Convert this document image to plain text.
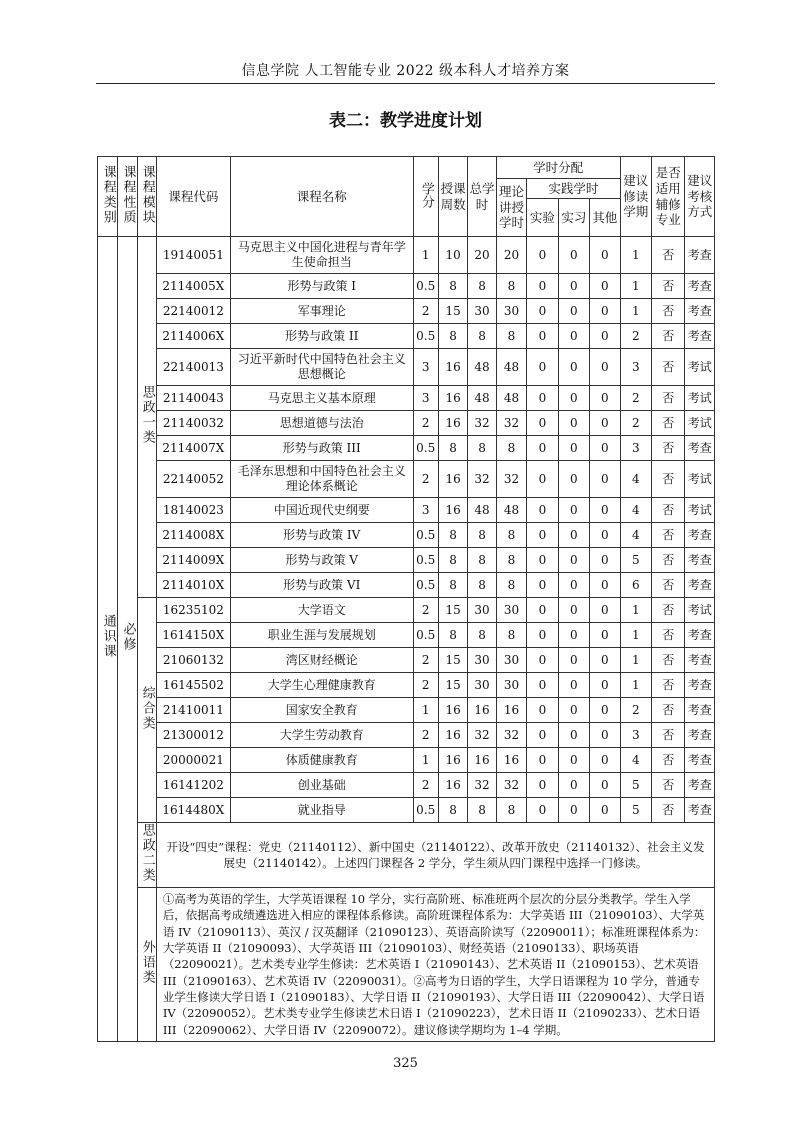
信息学院 人工智能专业 2022 级本科人才培养方案
表二：教学进度计划
课程类别	课程性质	课程模块	课程代码	课程名称	学分	授课周数	总学时	学时分配				建议修读学期	是否适用辅修专业	建议考核方式
								理论讲授学时	实践学时					
									实验	实习	其他			
通识课	必修	思政一类	19140051	马克思主义中国化进程与青年学生使命担当	1	10	20	20	0	0	0	1	否	考查
			2114005X	形势与政策 I	0.5	8	8	8	0	0	0	1	否	考查
			22140012	军事理论	2	15	30	30	0	0	0	1	否	考查
			2114006X	形势与政策 II	0.5	8	8	8	0	0	0	2	否	考查
			22140013	习近平新时代中国特色社会主义思想概论	3	16	48	48	0	0	0	3	否	考试
			21140043	马克思主义基本原理	3	16	48	48	0	0	0	2	否	考试
			21140032	思想道德与法治	2	16	32	32	0	0	0	2	否	考试
			2114007X	形势与政策 III	0.5	8	8	8	0	0	0	3	否	考查
			22140052	毛泽东思想和中国特色社会主义理论体系概论	2	16	32	32	0	0	0	4	否	考试
			18140023	中国近现代史纲要	3	16	48	48	0	0	0	4	否	考试
			2114008X	形势与政策 IV	0.5	8	8	8	0	0	0	4	否	考查
			2114009X	形势与政策 V	0.5	8	8	8	0	0	0	5	否	考查
			2114010X	形势与政策 VI	0.5	8	8	8	0	0	0	6	否	考查
		综合类	16235102	大学语文	2	15	30	30	0	0	0	1	否	考试
			1614150X	职业生涯与发展规划	0.5	8	8	8	0	0	0	1	否	考查
			21060132	湾区财经概论	2	15	30	30	0	0	0	1	否	考查
			16145502	大学生心理健康教育	2	15	30	30	0	0	0	1	否	考查
			21410011	国家安全教育	1	16	16	16	0	0	0	2	否	考查
			21300012	大学生劳动教育	2	16	32	32	0	0	0	3	否	考查
			20000021	体质健康教育	1	16	16	16	0	0	0	4	否	考查
			16141202	创业基础	2	16	32	32	0	0	0	5	否	考查
			1614480X	就业指导	0.5	8	8	8	0	0	0	5	否	考查
		思政二类	开设“四史”课程：党史（21140112）、新中国史（21140122）、改革开放史（21140132）、社会主义发展史（21140142）。上述四门课程各 2 学分，学生须从四门课程中选择一门修读。											

		外语类	①高考为英语的学生，大学英语课程 10 学分，实行高阶班、标准班两个层次的分层分类教学。学生入学后，依据高考成绩遴选进入相应的课程体系修读。高阶班课程体系为：大学英语 III（21090103）、大学英语 IV（21090113）、英汉 / 汉英翻译（21090123）、英语高阶读写（22090011）；标准班课程体系为：大学英语 II（21090093）、大学英语 III（21090103）、财经英语（21090133）、职场英语（22090021）。艺术类专业学生修读：艺术英语 I（21090143）、艺术英语 II（21090153）、艺术英语 III（21090163）、艺术英语 IV（22090031）。②高考为日语的学生，大学日语课程为 10 学分，普通专业学生修读大学日语 I（21090183）、大学日语 II（21090193）、大学日语 III（22090042）、大学日语 IV（22090052）。艺术类专业学生修读艺术日语 I（21090223），艺术日语 II（21090233）、艺术日语 III（22090062）、大学日语 IV（22090072）。建议修读学期均为 1–4 学期。											
325
